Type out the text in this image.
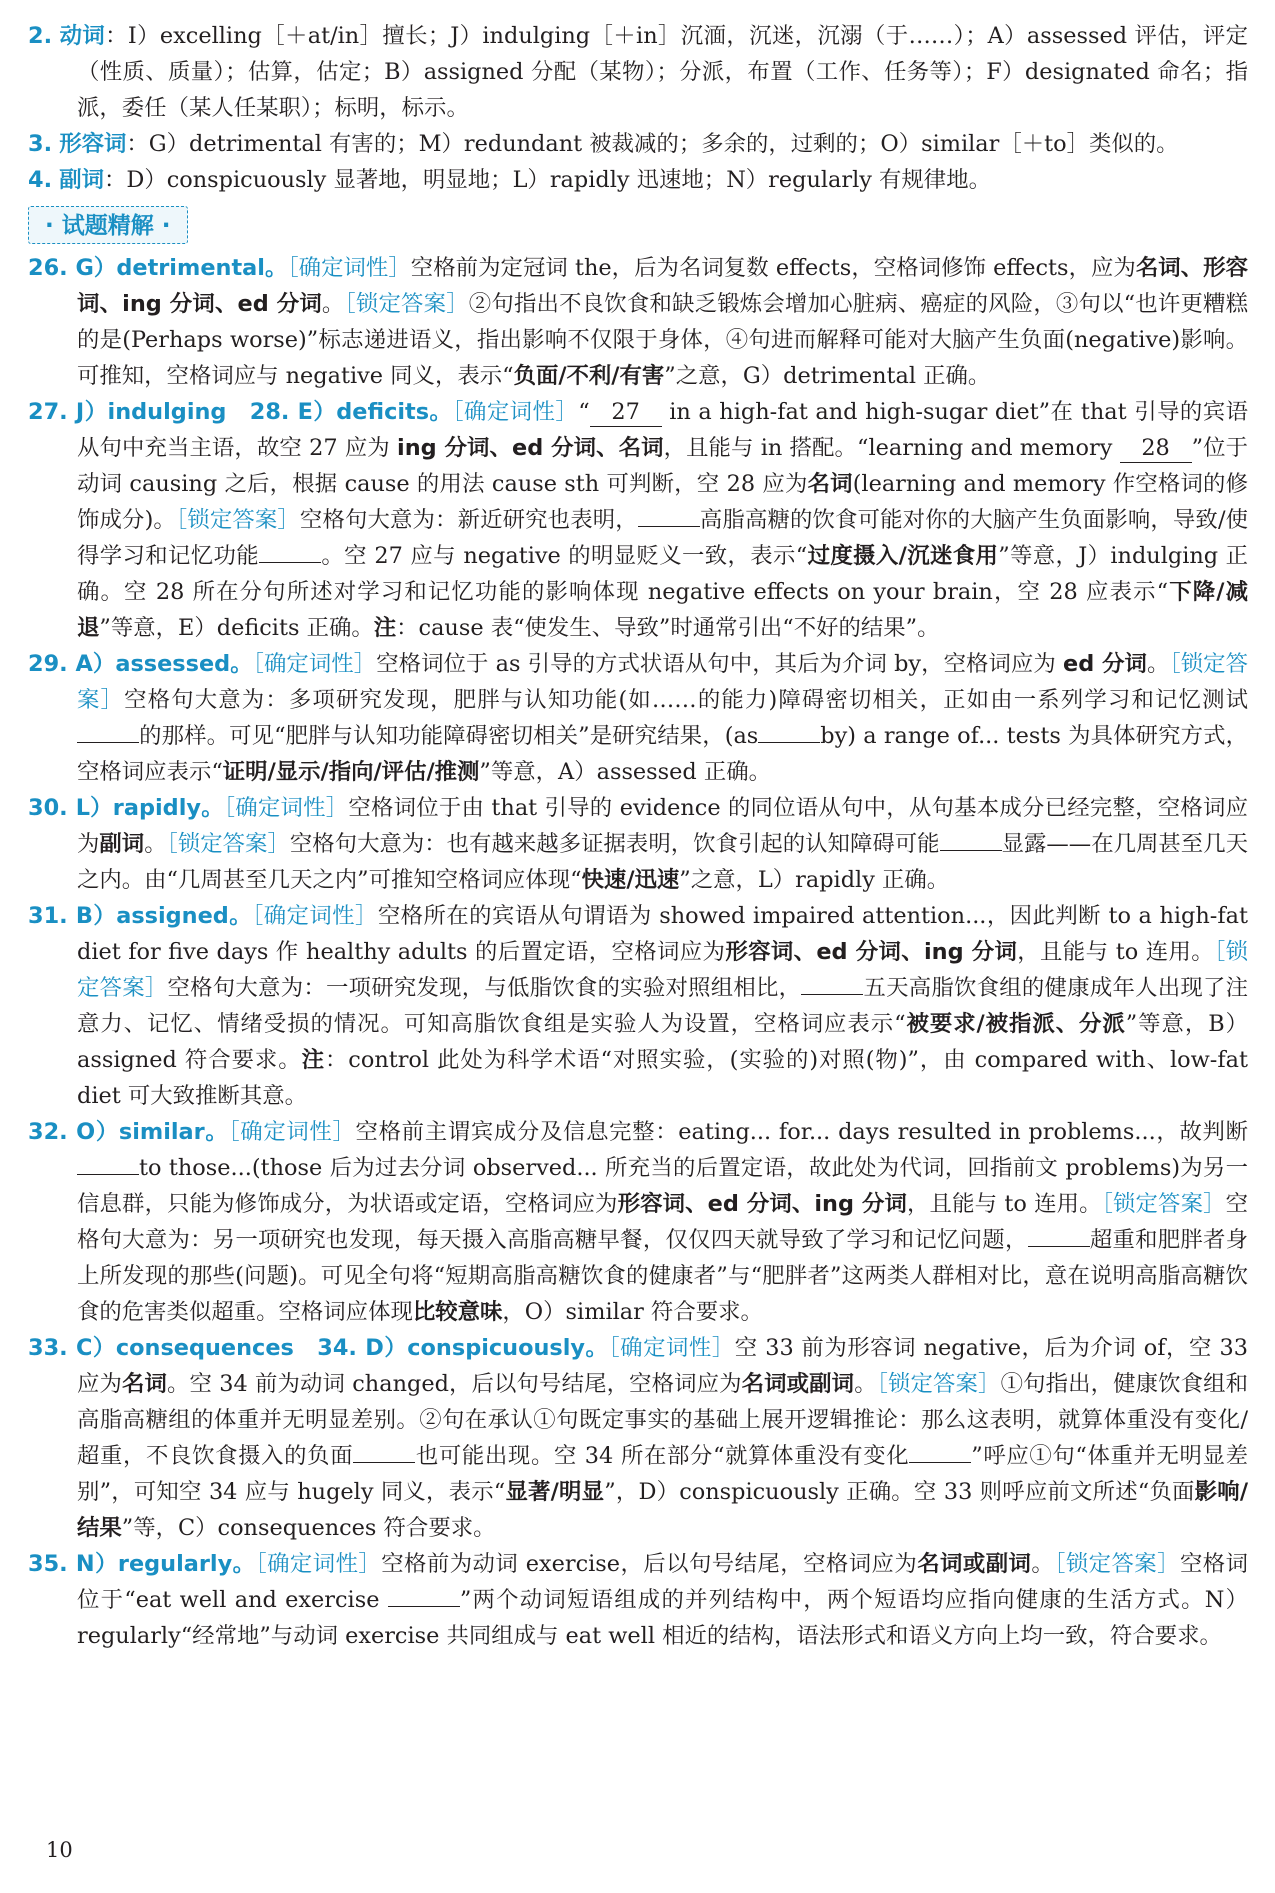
2. 动词：I）excelling［＋at/in］擅长；J）indulging［＋in］沉湎，沉迷，沉溺（于……）；A）assessed 评估，评定（性质、质量）；估算，估定；B）assigned 分配（某物）；分派，布置（工作、任务等）；F）designated 命名；指派，委任（某人任某职）；标明，标示。

3. 形容词：G）detrimental 有害的；M）redundant 被裁减的；多余的，过剩的；O）similar［＋to］类似的。

4. 副词：D）conspicuously 显著地，明显地；L）rapidly 迅速地；N）regularly 有规律地。

· 试题精解 ·

26. G）detrimental。［确定词性］空格前为定冠词 the，后为名词复数 effects，空格词修饰 effects，应为名词、形容词、ing 分词、ed 分词。［锁定答案］②句指出不良饮食和缺乏锻炼会增加心脏病、癌症的风险，③句以“也许更糟糕的是(Perhaps worse)”标志递进语义，指出影响不仅限于身体，④句进而解释可能对大脑产生负面(negative)影响。可推知，空格词应与 negative 同义，表示“负面/不利/有害”之意，G）detrimental 正确。

27. J）indulging　28. E）deficits。［确定词性］“ 27 in a high-fat and high-sugar diet”在 that 引导的宾语从句中充当主语，故空 27 应为 ing 分词、ed 分词、名词，且能与 in 搭配。“learning and memory 28 ”位于动词 causing 之后，根据 cause 的用法 cause sth 可判断，空 28 应为名词(learning and memory 作空格词的修饰成分)。［锁定答案］空格句大意为：新近研究也表明，	高脂高糖的饮食可能对你的大脑产生负面影响，导致/使得学习和记忆功能	。空 27 应与 negative 的明显贬义一致，表示“过度摄入/沉迷食用”等意，J）indulging 正确。空 28 所在分句所述对学习和记忆功能的影响体现 negative effects on your brain，空 28 应表示“下降/减退”等意，E）deficits 正确。注：cause 表“使发生、导致”时通常引出“不好的结果”。

29. A）assessed。［确定词性］空格词位于 as 引导的方式状语从句中，其后为介词 by，空格词应为 ed 分词。［锁定答案］空格句大意为：多项研究发现，肥胖与认知功能(如……的能力)障碍密切相关，正如由一系列学习和记忆测试的那样。可见“肥胖与认知功能障碍密切相关”是研究结果，(as	by) a range of... tests 为具体研究方式，空格词应表示“证明/显示/指向/评估/推测”等意，A）assessed 正确。

30. L）rapidly。［确定词性］空格词位于由 that 引导的 evidence 的同位语从句中，从句基本成分已经完整，空格词应为副词。［锁定答案］空格句大意为：也有越来越多证据表明，饮食引起的认知障碍可能	显露——在几周甚至几天之内。由“几周甚至几天之内”可推知空格词应体现“快速/迅速”之意，L）rapidly 正确。

31. B）assigned。［确定词性］空格所在的宾语从句谓语为 showed impaired attention...，因此判断 to a high-fat diet for five days 作 healthy adults 的后置定语，空格词应为形容词、ed 分词、ing 分词，且能与 to 连用。［锁定答案］空格句大意为：一项研究发现，与低脂饮食的实验对照组相比，	五天高脂饮食组的健康成年人出现了注意力、记忆、情绪受损的情况。可知高脂饮食组是实验人为设置，空格词应表示“被要求/被指派、分派”等意，B）assigned 符合要求。注：control 此处为科学术语“对照实验，(实验的)对照(物)”，由 compared with、low-fat diet 可大致推断其意。

32. O）similar。［确定词性］空格前主谓宾成分及信息完整：eating... for... days resulted in problems...，故判断to those...(those 后为过去分词 observed... 所充当的后置定语，故此处为代词，回指前文 problems)为另一信息群，只能为修饰成分，为状语或定语，空格词应为形容词、ed 分词、ing 分词，且能与 to 连用。［锁定答案］空格句大意为：另一项研究也发现，每天摄入高脂高糖早餐，仅仅四天就导致了学习和记忆问题，	超重和肥胖者身上所发现的那些(问题)。可见全句将“短期高脂高糖饮食的健康者”与“肥胖者”这两类人群相对比，意在说明高脂高糖饮食的危害类似超重。空格词应体现比较意味，O）similar 符合要求。

33. C）consequences　34. D）conspicuously。［确定词性］空 33 前为形容词 negative，后为介词 of，空 33 应为名词。空 34 前为动词 changed，后以句号结尾，空格词应为名词或副词。［锁定答案］①句指出，健康饮食组和高脂高糖组的体重并无明显差别。②句在承认①句既定事实的基础上展开逻辑推论：那么这表明，就算体重没有变化/超重，不良饮食摄入的负面	也可能出现。空 34 所在部分“就算体重没有变化	”呼应①句“体重并无明显差别”，可知空 34 应与 hugely 同义，表示“显著/明显”，D）conspicuously 正确。空 33 则呼应前文所述“负面影响/结果”等，C）consequences 符合要求。

35. N）regularly。［确定词性］空格前为动词 exercise，后以句号结尾，空格词应为名词或副词。［锁定答案］空格词位于“eat well and exercise	”两个动词短语组成的并列结构中，两个短语均应指向健康的生活方式。N）regularly“经常地”与动词 exercise 共同组成与 eat well 相近的结构，语法形式和语义方向上均一致，符合要求。

10
